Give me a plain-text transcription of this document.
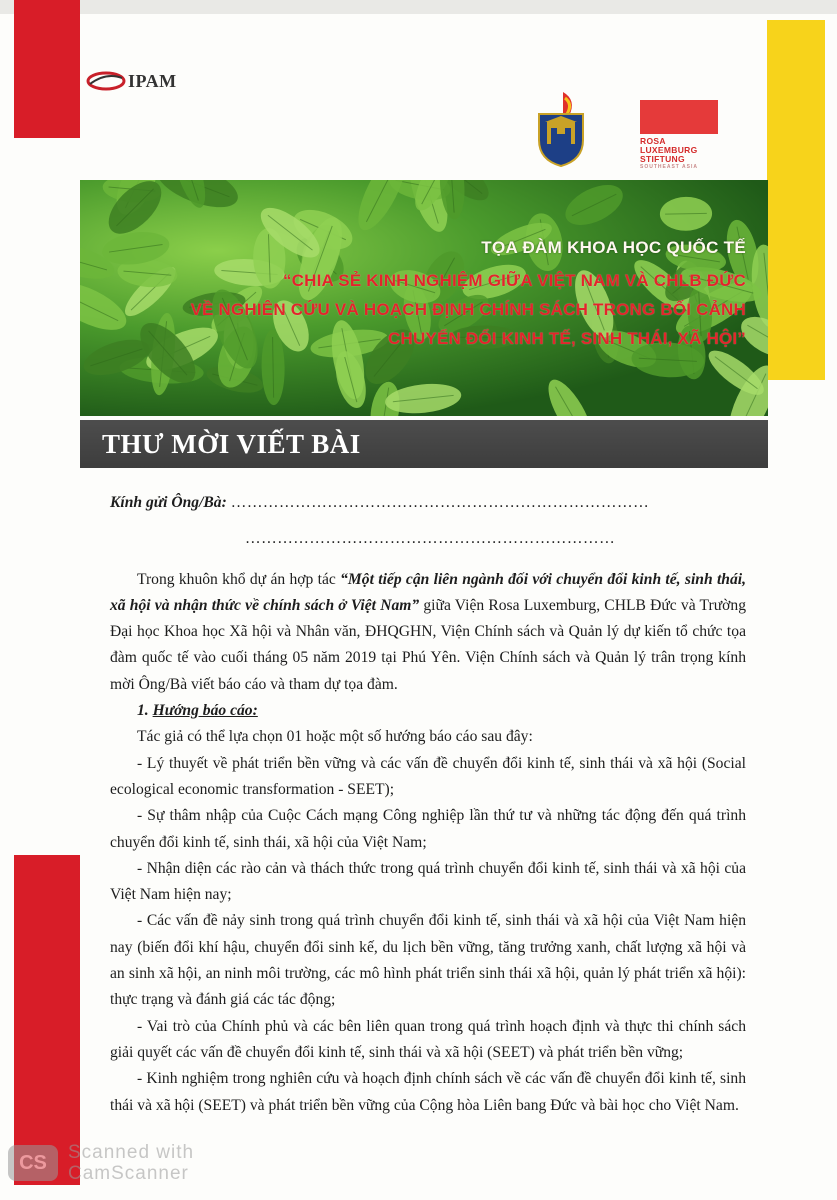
IPAM
ROSA
LUXEMBURG
STIFTUNG
SOUTHEAST ASIA
TỌA ĐÀM KHOA HỌC QUỐC TẾ
“CHIA SẺ KINH NGHIỆM GIỮA VIỆT NAM VÀ CHLB ĐỨC
VỀ NGHIÊN CỨU VÀ HOẠCH ĐỊNH CHÍNH SÁCH TRONG BỐI CẢNH
CHUYỂN ĐỔI KINH TẾ, SINH THÁI, XÃ HỘI”
THƯ MỜI VIẾT BÀI

Kính gửi Ông/Bà: ……………………………………………………………………

……………………………………………………………

Trong khuôn khổ dự án hợp tác “Một tiếp cận liên ngành đối với chuyển đổi kinh tế, sinh thái, xã hội và nhận thức về chính sách ở Việt Nam” giữa Viện Rosa Luxemburg, CHLB Đức và Trường Đại học Khoa học Xã hội và Nhân văn, ĐHQGHN, Viện Chính sách và Quản lý dự kiến tổ chức tọa đàm quốc tế vào cuối tháng 05 năm 2019 tại Phú Yên. Viện Chính sách và Quản lý trân trọng kính mời Ông/Bà viết báo cáo và tham dự tọa đàm.

1. Hướng báo cáo:

Tác giả có thể lựa chọn 01 hoặc một số hướng báo cáo sau đây:

- Lý thuyết về phát triển bền vững và các vấn đề chuyển đổi kinh tế, sinh thái và xã hội (Social ecological economic transformation - SEET);

- Sự thâm nhập của Cuộc Cách mạng Công nghiệp lần thứ tư và những tác động đến quá trình chuyển đổi kinh tế, sinh thái, xã hội của Việt Nam;

- Nhận diện các rào cản và thách thức trong quá trình chuyển đổi kinh tế, sinh thái và xã hội của Việt Nam hiện nay;

- Các vấn đề nảy sinh trong quá trình chuyển đổi kinh tế, sinh thái và xã hội của Việt Nam hiện nay (biến đổi khí hậu, chuyển đổi sinh kế, du lịch bền vững, tăng trưởng xanh, chất lượng xã hội và an sinh xã hội, an ninh môi trường, các mô hình phát triển sinh thái xã hội, quản lý phát triển xã hội): thực trạng và đánh giá các tác động;

- Vai trò của Chính phủ và các bên liên quan trong quá trình hoạch định và thực thi chính sách giải quyết các vấn đề chuyển đổi kinh tế, sinh thái và xã hội (SEET) và phát triển bền vững;

- Kinh nghiệm trong nghiên cứu và hoạch định chính sách về các vấn đề chuyển đổi kinh tế, sinh thái và xã hội (SEET) và phát triển bền vững của Cộng hòa Liên bang Đức và bài học cho Việt Nam.

CS	Scanned with
CamScanner
